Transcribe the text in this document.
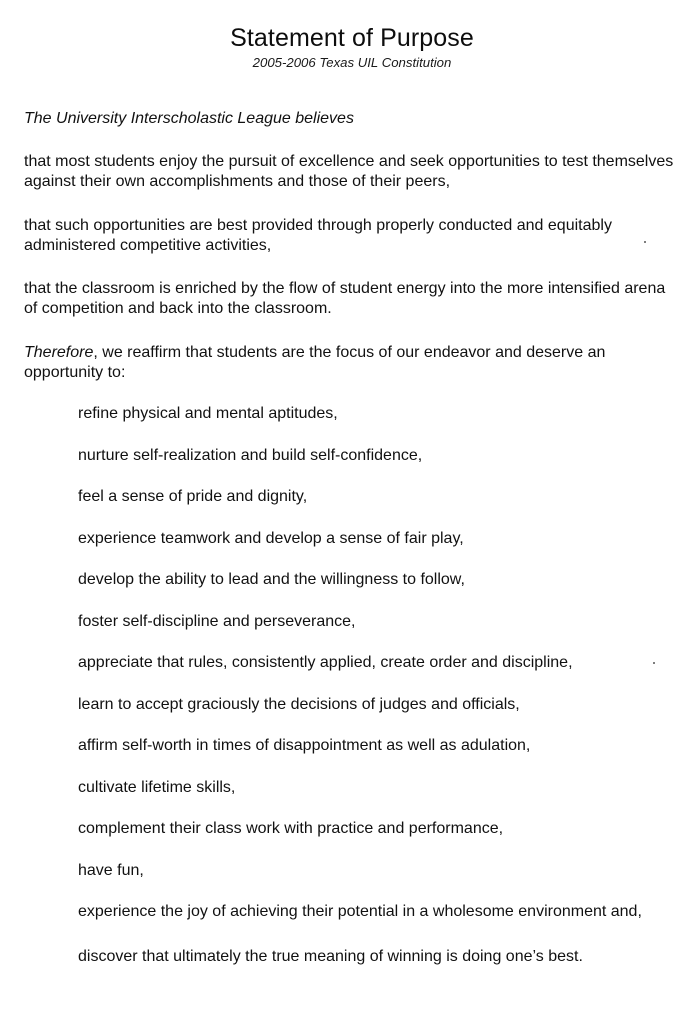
Statement of Purpose
2005-2006 Texas UIL Constitution
The University Interscholastic League believes
that most students enjoy the pursuit of excellence and seek opportunities to test themselves against their own accomplishments and those of their peers,
that such opportunities are best provided through properly conducted and equitably administered competitive activities,
that the classroom is enriched by the flow of student energy into the more intensified arena of competition and back into the classroom.
Therefore, we reaffirm that students are the focus of our endeavor and deserve an opportunity to:
refine physical and mental aptitudes,
nurture self-realization and build self-confidence,
feel a sense of pride and dignity,
experience teamwork and develop a sense of fair play,
develop the ability to lead and the willingness to follow,
foster self-discipline and perseverance,
appreciate that rules, consistently applied, create order and discipline,
learn to accept graciously the decisions of judges and officials,
affirm self-worth in times of disappointment as well as adulation,
cultivate lifetime skills,
complement their class work with practice and performance,
have fun,
experience the joy of achieving their potential in a wholesome environment and,
discover that ultimately the true meaning of winning is doing one’s best.
